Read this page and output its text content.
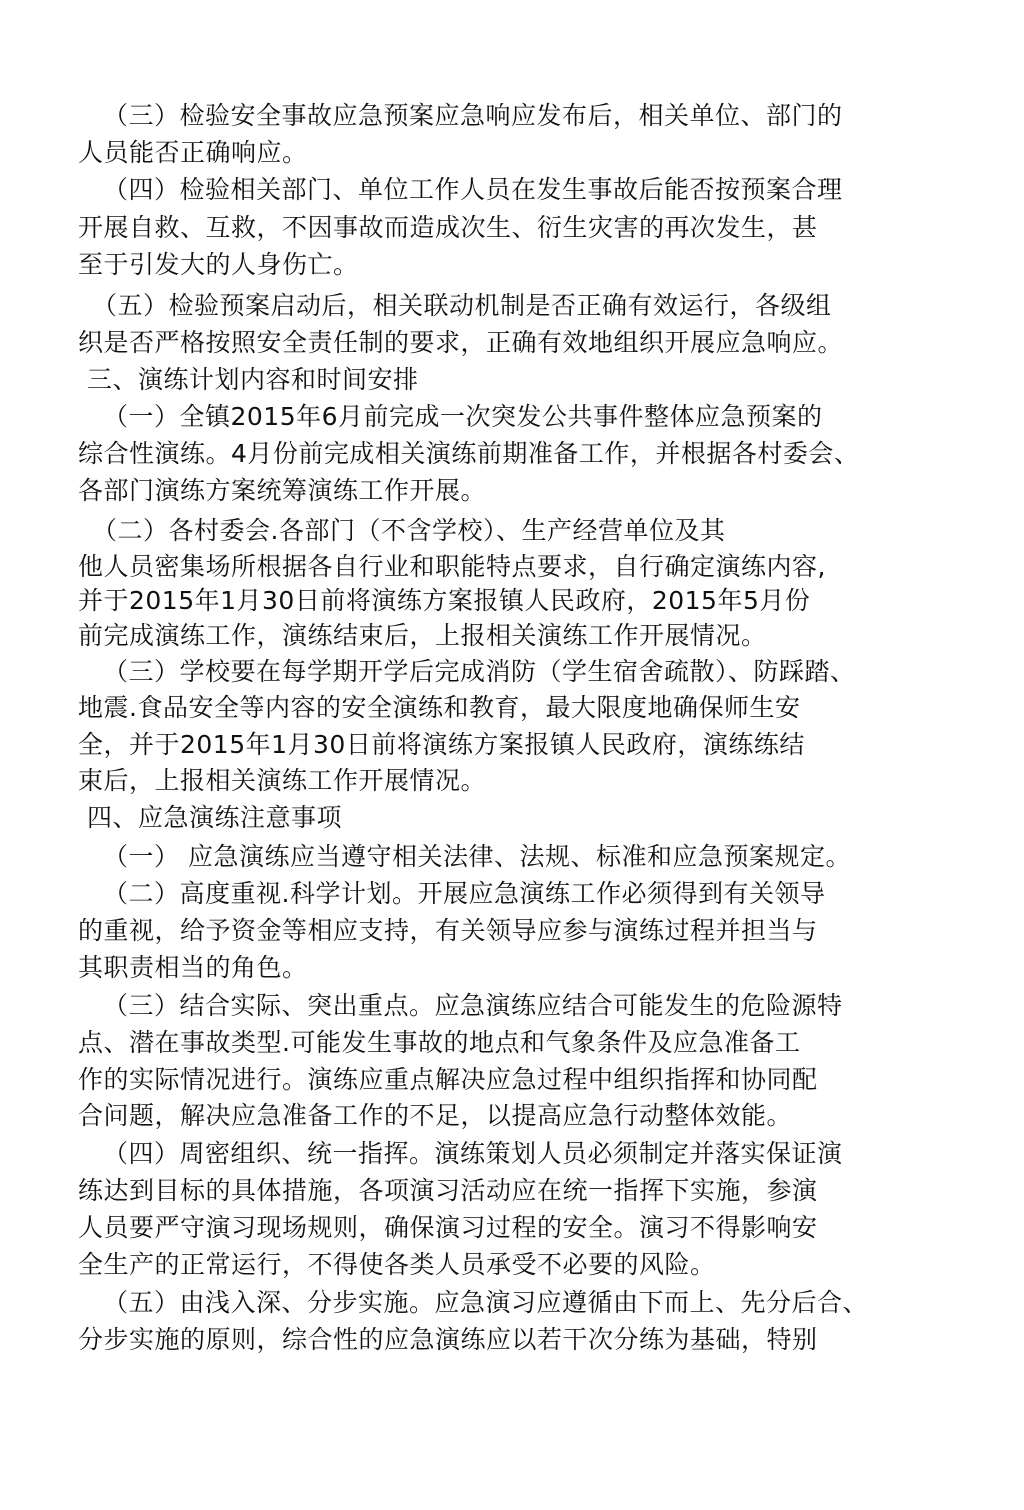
（三）检验安全事故应急预案应急响应发布后，相关单位、部门的
人员能否正确响应。
（四）检验相关部门、单位工作人员在发生事故后能否按预案合理
开展自救、互救，不因事故而造成次生、衍生灾害的再次发生，甚
至于引发大的人身伤亡。
（五）检验预案启动后，相关联动机制是否正确有效运行，各级组
织是否严格按照安全责任制的要求，正确有效地组织开展应急响应。
三、演练计划内容和时间安排
（一）全镇2015年6月前完成一次突发公共事件整体应急预案的
综合性演练。4月份前完成相关演练前期准备工作，并根据各村委会、
各部门演练方案统筹演练工作开展。
（二）各村委会.各部门（不含学校）、生产经营单位及其
他人员密集场所根据各自行业和职能特点要求，自行确定演练内容,
并于2015年1月30日前将演练方案报镇人民政府，2015年5月份
前完成演练工作，演练结束后，上报相关演练工作开展情况。
（三）学校要在每学期开学后完成消防（学生宿舍疏散）、防踩踏、
地震.食品安全等内容的安全演练和教育，最大限度地确保师生安
全，并于2015年1月30日前将演练方案报镇人民政府，演练练结
束后，上报相关演练工作开展情况。
四、应急演练注意事项
（一） 应急演练应当遵守相关法律、法规、标准和应急预案规定。
（二）高度重视.科学计划。开展应急演练工作必须得到有关领导
的重视，给予资金等相应支持，有关领导应参与演练过程并担当与
其职责相当的角色。
（三）结合实际、突出重点。应急演练应结合可能发生的危险源特
点、潜在事故类型.可能发生事故的地点和气象条件及应急准备工
作的实际情况进行。演练应重点解决应急过程中组织指挥和协同配
合问题，解决应急准备工作的不足，以提高应急行动整体效能。
（四）周密组织、统一指挥。演练策划人员必须制定并落实保证演
练达到目标的具体措施，各项演习活动应在统一指挥下实施，参演
人员要严守演习现场规则，确保演习过程的安全。演习不得影响安
全生产的正常运行，不得使各类人员承受不必要的风险。
（五）由浅入深、分步实施。应急演习应遵循由下而上、先分后合、
分步实施的原则，综合性的应急演练应以若干次分练为基础，特别
